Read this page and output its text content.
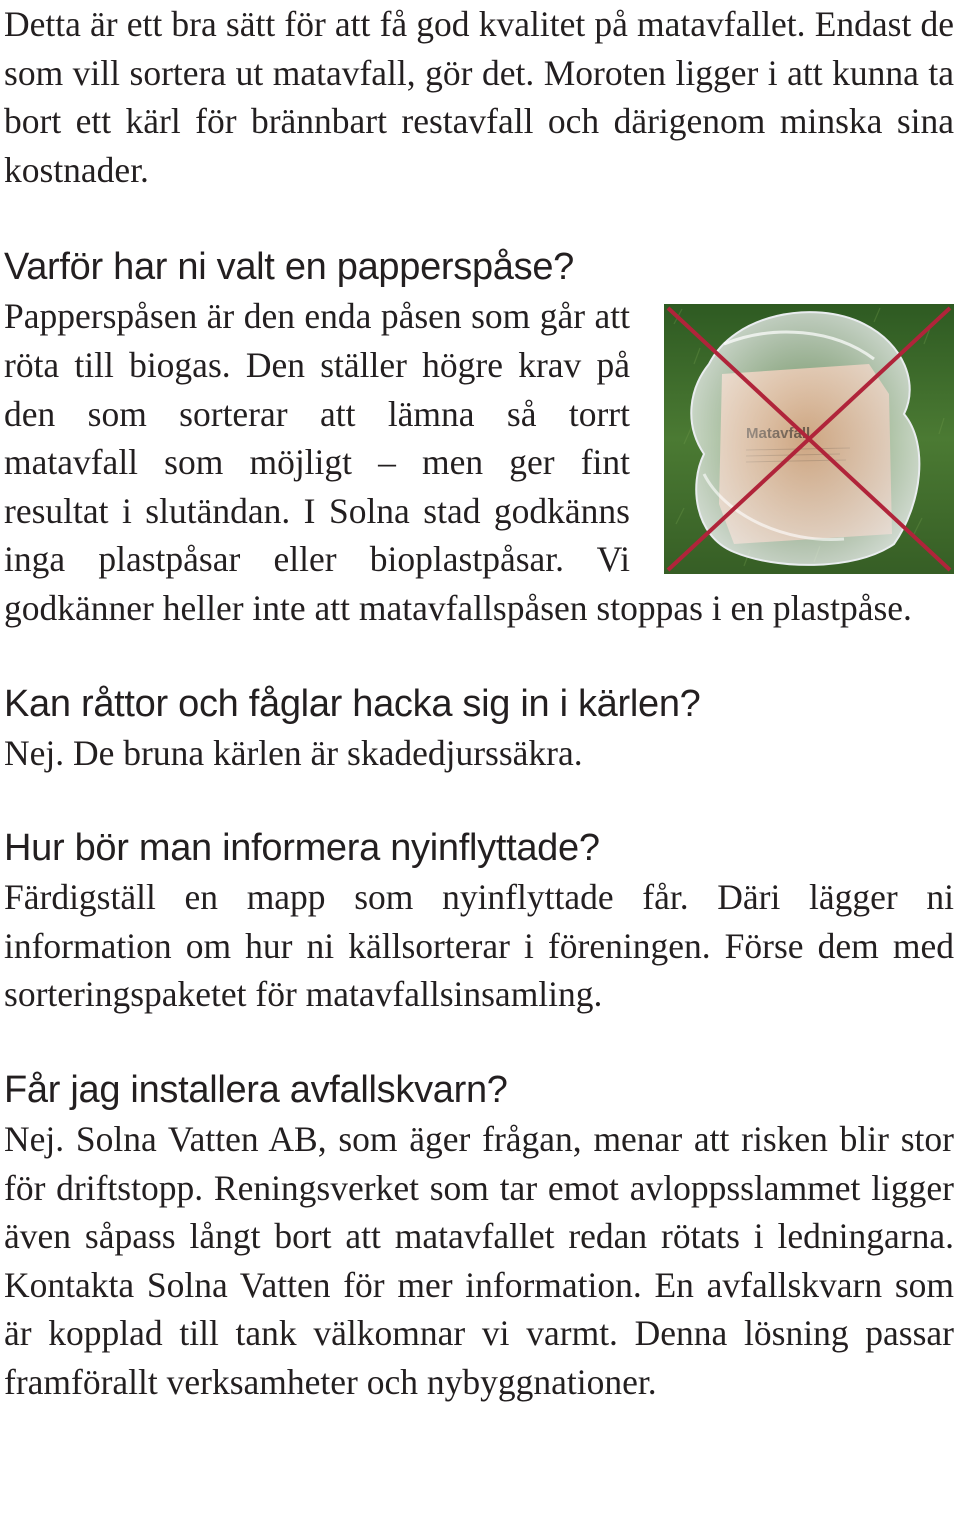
Detta är ett bra sätt för att få god kvalitet på matavfallet. Endast de som vill sortera ut matavfall, gör det. Moroten ligger i att kunna ta bort ett kärl för brännbart restavfall och därigenom minska sina kostnader.

Varför har ni valt en papperspåse?

Papperspåsen är den enda påsen som går att röta till biogas. Den ställer högre krav på den som sorterar att lämna så torrt matavfall som möjligt – men ger fint resultat i slutändan. I Solna stad godkänns inga plastpåsar eller bioplastpåsar. Vi godkänner heller inte att matavfallspåsen stoppas i en plastpåse.

Kan råttor och fåglar hacka sig in i kärlen?

Nej. De bruna kärlen är skadedjurssäkra.

Hur bör man informera nyinflyttade?

Färdigställ en mapp som nyinflyttade får. Däri lägger ni information om hur ni källsorterar i föreningen. Förse dem med sorteringspaketet för matavfallsinsamling.

Får jag installera avfallskvarn?

Nej. Solna Vatten AB, som äger frågan, menar att risken blir stor för driftstopp. Reningsverket som tar emot avloppsslammet ligger även såpass långt bort att matavfallet redan rötats i ledningarna. Kontakta Solna Vatten för mer information. En avfallskvarn som är kopplad till tank välkomnar vi varmt. Denna lösning passar framförallt verksamheter och nybyggnationer.
